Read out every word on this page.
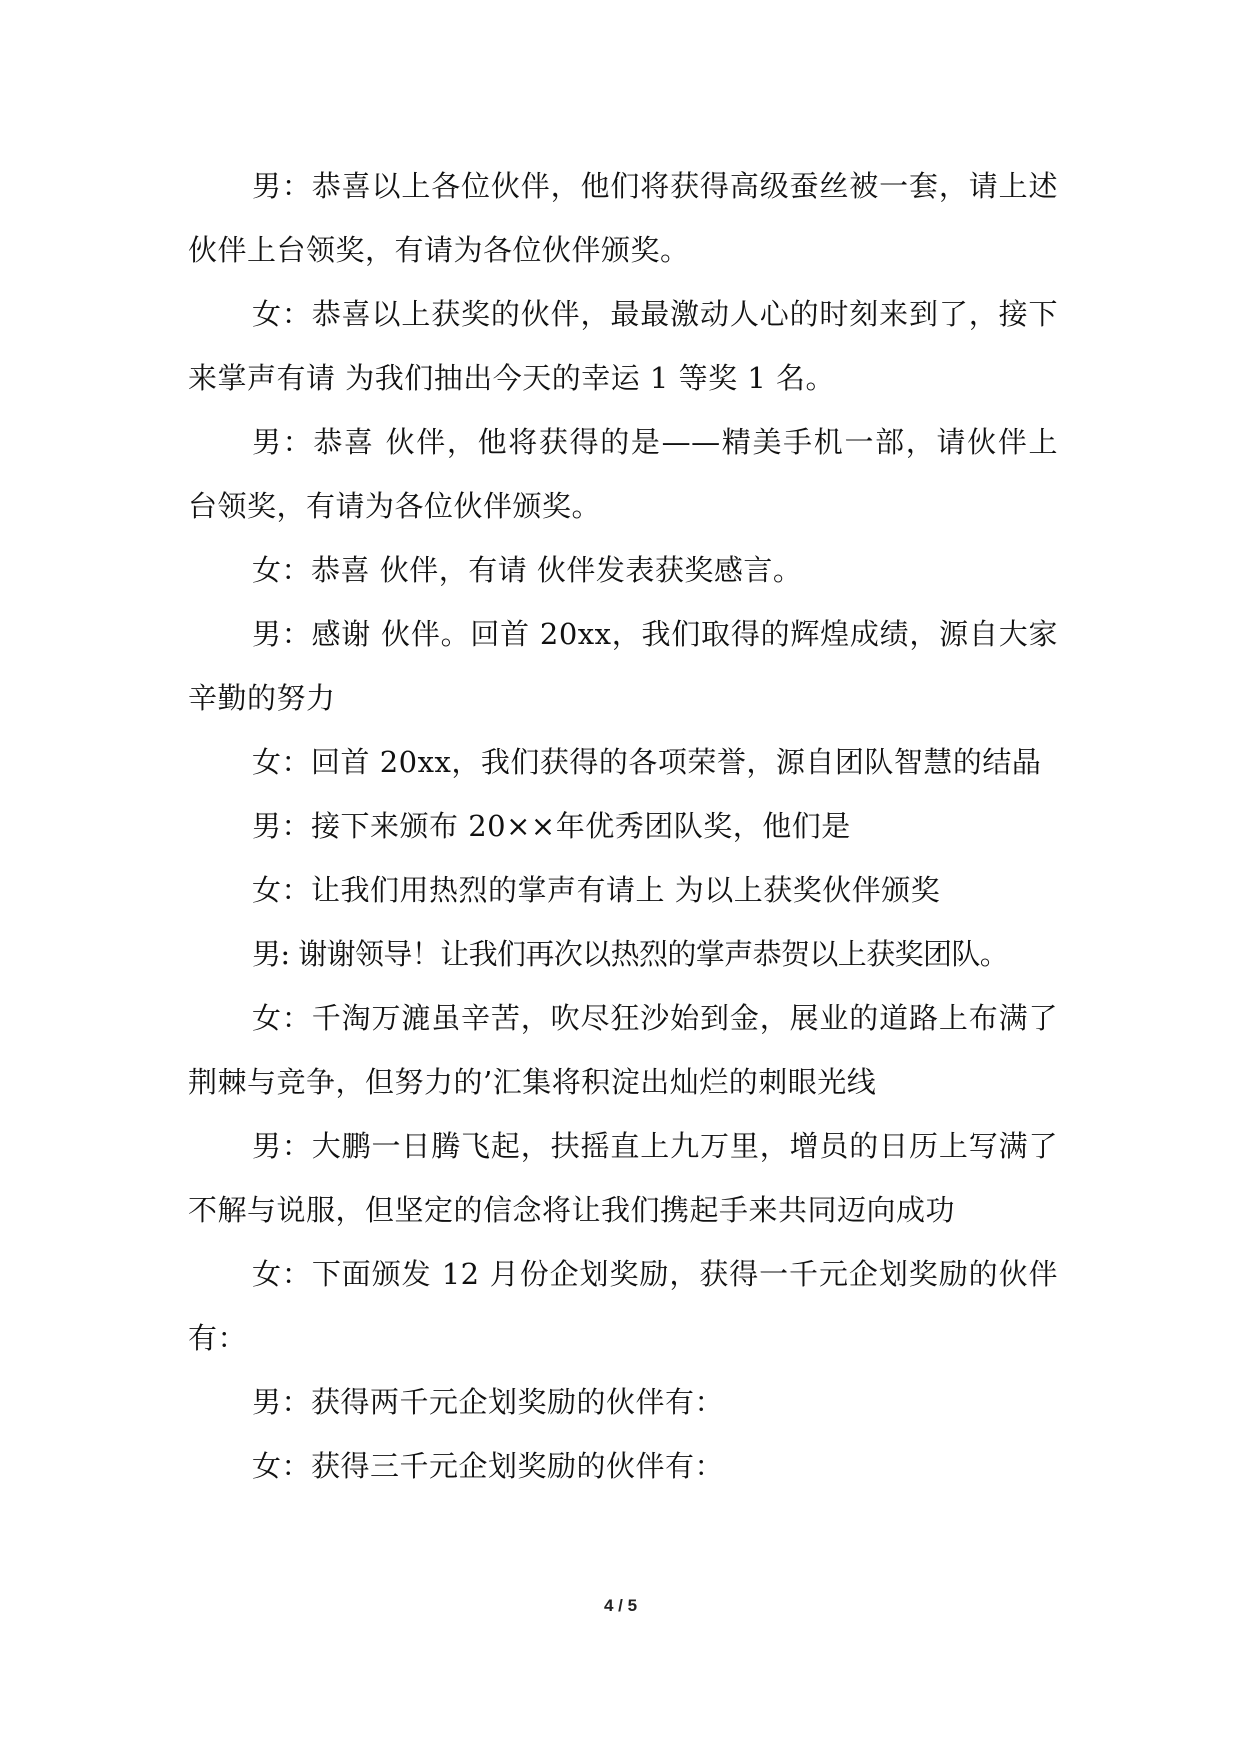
男：恭喜以上各位伙伴，他们将获得高级蚕丝被一套，请上述伙伴上台领奖，有请为各位伙伴颁奖。

女：恭喜以上获奖的伙伴，最最激动人心的时刻来到了，接下来掌声有请 为我们抽出今天的幸运 1 等奖 1 名。

男：恭喜 伙伴，他将获得的是——精美手机一部，请伙伴上台领奖，有请为各位伙伴颁奖。

女：恭喜 伙伴，有请 伙伴发表获奖感言。

男：感谢 伙伴。回首 20xx，我们取得的辉煌成绩，源自大家辛勤的努力

女：回首 20xx，我们获得的各项荣誉，源自团队智慧的结晶

男：接下来颁布 20××年优秀团队奖，他们是

女：让我们用热烈的掌声有请上 为以上获奖伙伴颁奖

男: 谢谢领导！让我们再次以热烈的掌声恭贺以上获奖团队。

女：千淘万漉虽辛苦，吹尽狂沙始到金，展业的道路上布满了荆棘与竞争，但努力的’汇集将积淀出灿烂的刺眼光线

男：大鹏一日腾飞起，扶摇直上九万里，增员的日历上写满了不解与说服，但坚定的信念将让我们携起手来共同迈向成功

女：下面颁发 12 月份企划奖励，获得一千元企划奖励的伙伴有：

男：获得两千元企划奖励的伙伴有：

女：获得三千元企划奖励的伙伴有：

4 / 5
